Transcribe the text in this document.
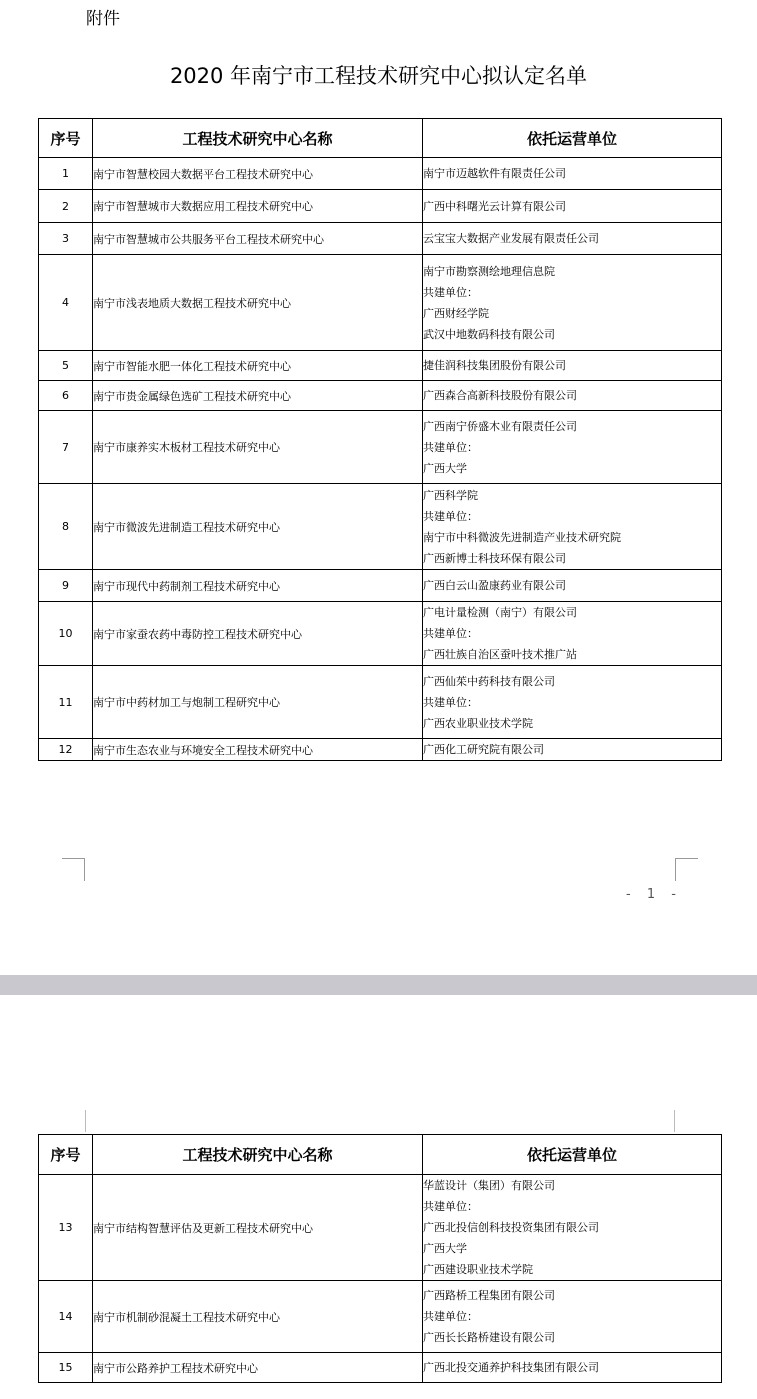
附件
2020 年南宁市工程技术研究中心拟认定名单
序号	工程技术研究中心名称	依托运营单位
1	南宁市智慧校园大数据平台工程技术研究中心	南宁市迈越软件有限责任公司

2	南宁市智慧城市大数据应用工程技术研究中心	广西中科曙光云计算有限公司

3	南宁市智慧城市公共服务平台工程技术研究中心	云宝宝大数据产业发展有限责任公司

4	南宁市浅表地质大数据工程技术研究中心	南宁市勘察测绘地理信息院
共建单位：
广西财经学院
武汉中地数码科技有限公司

5	南宁市智能水肥一体化工程技术研究中心	捷佳润科技集团股份有限公司

6	南宁市贵金属绿色选矿工程技术研究中心	广西森合高新科技股份有限公司

7	南宁市康养实木板材工程技术研究中心	广西南宁侨盛木业有限责任公司
共建单位：
广西大学

8	南宁市微波先进制造工程技术研究中心	广西科学院
共建单位：
南宁市中科微波先进制造产业技术研究院
广西新博士科技环保有限公司

9	南宁市现代中药制剂工程技术研究中心	广西白云山盈康药业有限公司

10	南宁市家蚕农药中毒防控工程技术研究中心	广电计量检测（南宁）有限公司
共建单位：
广西壮族自治区蚕叶技术推广站

11	南宁市中药材加工与炮制工程研究中心	广西仙茱中药科技有限公司
共建单位：
广西农业职业技术学院

12	南宁市生态农业与环境安全工程技术研究中心	广西化工研究院有限公司
- 1 -
序号	工程技术研究中心名称	依托运营单位
13	南宁市结构智慧评估及更新工程技术研究中心	华蓝设计（集团）有限公司
共建单位：
广西北投信创科技投资集团有限公司
广西大学
广西建设职业技术学院

14	南宁市机制砂混凝土工程技术研究中心	广西路桥工程集团有限公司
共建单位：
广西长长路桥建设有限公司

15	南宁市公路养护工程技术研究中心	广西北投交通养护科技集团有限公司
